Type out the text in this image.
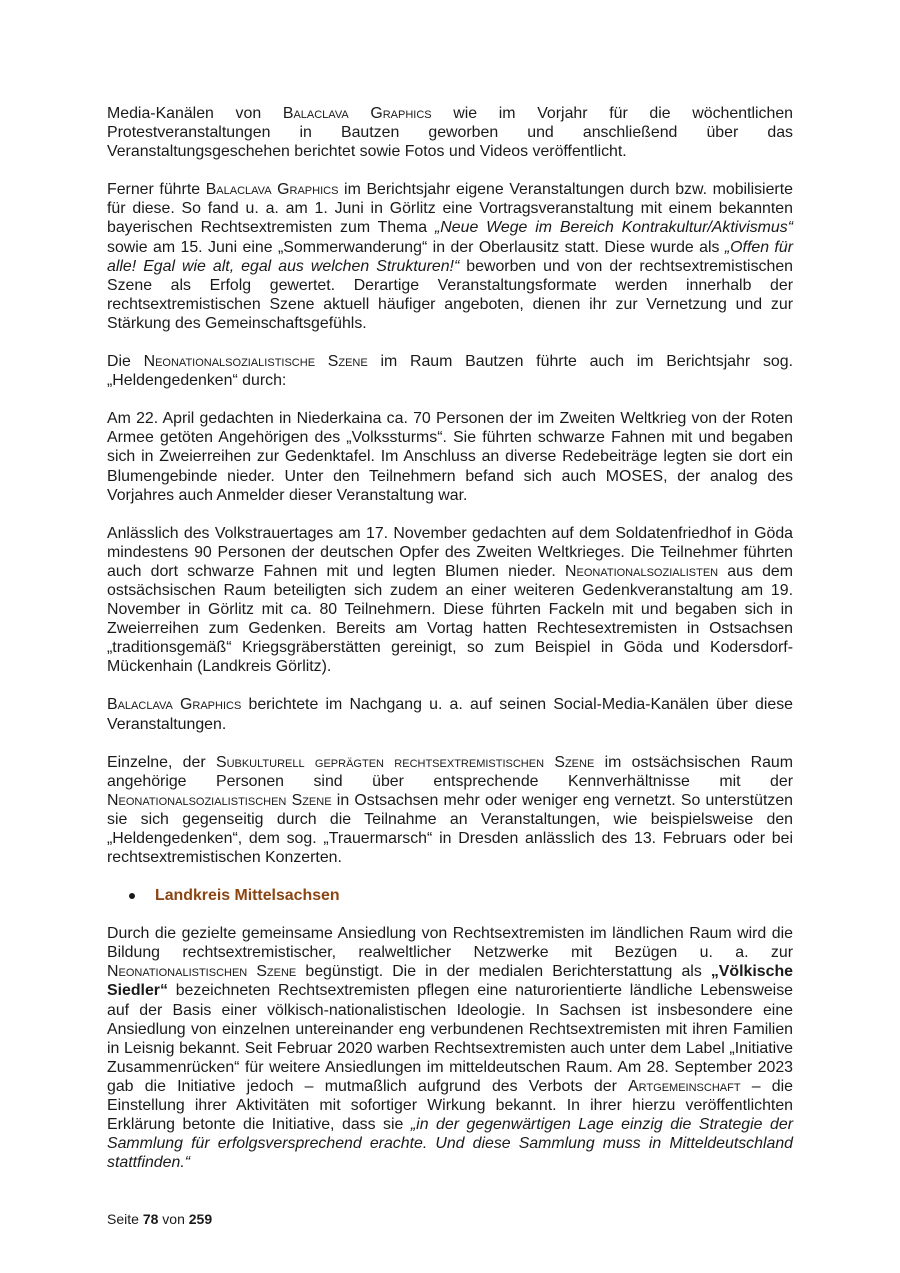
Media-Kanälen von Balaclava Graphics wie im Vorjahr für die wöchentlichen Protestveranstaltungen in Bautzen geworben und anschließend über das Veranstaltungsgeschehen berichtet sowie Fotos und Videos veröffentlicht.

Ferner führte Balaclava Graphics im Berichtsjahr eigene Veranstaltungen durch bzw. mobilisierte für diese. So fand u. a. am 1. Juni in Görlitz eine Vortragsveranstaltung mit einem bekannten bayerischen Rechtsextremisten zum Thema „Neue Wege im Bereich Kontrakultur/Aktivismus“ sowie am 15. Juni eine „Sommerwanderung“ in der Oberlausitz statt. Diese wurde als „Offen für alle! Egal wie alt, egal aus welchen Strukturen!“ beworben und von der rechtsextremistischen Szene als Erfolg gewertet. Derartige Veranstaltungsformate werden innerhalb der rechtsextremistischen Szene aktuell häufiger angeboten, dienen ihr zur Vernetzung und zur Stärkung des Gemeinschaftsgefühls.

Die Neonationalsozialistische Szene im Raum Bautzen führte auch im Berichtsjahr sog. „Heldengedenken“ durch:

Am 22. April gedachten in Niederkaina ca. 70 Personen der im Zweiten Weltkrieg von der Roten Armee getöten Angehörigen des „Volkssturms“. Sie führten schwarze Fahnen mit und begaben sich in Zweierreihen zur Gedenktafel. Im Anschluss an diverse Redebeiträge legten sie dort ein Blumengebinde nieder. Unter den Teilnehmern befand sich auch MOSES, der analog des Vorjahres auch Anmelder dieser Veranstaltung war.

Anlässlich des Volkstrauertages am 17. November gedachten auf dem Soldatenfriedhof in Göda mindestens 90 Personen der deutschen Opfer des Zweiten Weltkrieges. Die Teilnehmer führten auch dort schwarze Fahnen mit und legten Blumen nieder. Neonationalsozialisten aus dem ostsächsischen Raum beteiligten sich zudem an einer weiteren Gedenkveranstaltung am 19. November in Görlitz mit ca. 80 Teilnehmern. Diese führten Fackeln mit und begaben sich in Zweierreihen zum Gedenken. Bereits am Vortag hatten Rechtesextremisten in Ostsachsen „traditionsgemäß“ Kriegsgräberstätten gereinigt, so zum Beispiel in Göda und Kodersdorf-Mückenhain (Landkreis Görlitz).

Balaclava Graphics berichtete im Nachgang u. a. auf seinen Social-Media-Kanälen über diese Veranstaltungen.

Einzelne, der Subkulturell geprägten rechtsextremistischen Szene im ostsächsischen Raum angehörige Personen sind über entsprechende Kennverhältnisse mit der Neonationalsozialistischen Szene in Ostsachsen mehr oder weniger eng vernetzt. So unterstützen sie sich gegenseitig durch die Teilnahme an Veranstaltungen, wie beispielsweise den „Heldengedenken“, dem sog. „Trauermarsch“ in Dresden anlässlich des 13. Februars oder bei rechtsextremistischen Konzerten.

Landkreis Mittelsachsen

Durch die gezielte gemeinsame Ansiedlung von Rechtsextremisten im ländlichen Raum wird die Bildung rechtsextremistischer, realweltlicher Netzwerke mit Bezügen u. a. zur Neonationalistischen Szene begünstigt. Die in der medialen Berichterstattung als „Völkische Siedler“ bezeichneten Rechtsextremisten pflegen eine naturorientierte ländliche Lebensweise auf der Basis einer völkisch-nationalistischen Ideologie. In Sachsen ist insbesondere eine Ansiedlung von einzelnen untereinander eng verbundenen Rechtsextremisten mit ihren Familien in Leisnig bekannt. Seit Februar 2020 warben Rechtsextremisten auch unter dem Label „Initiative Zusammenrücken“ für weitere Ansiedlungen im mitteldeutschen Raum. Am 28. September 2023 gab die Initiative jedoch – mutmaßlich aufgrund des Verbots der Artgemeinschaft – die Einstellung ihrer Aktivitäten mit sofortiger Wirkung bekannt. In ihrer hierzu veröffentlichten Erklärung betonte die Initiative, dass sie „in der gegenwärtigen Lage einzig die Strategie der Sammlung für erfolgsversprechend erachte. Und diese Sammlung muss in Mitteldeutschland stattfinden.“

Seite 78 von 259
